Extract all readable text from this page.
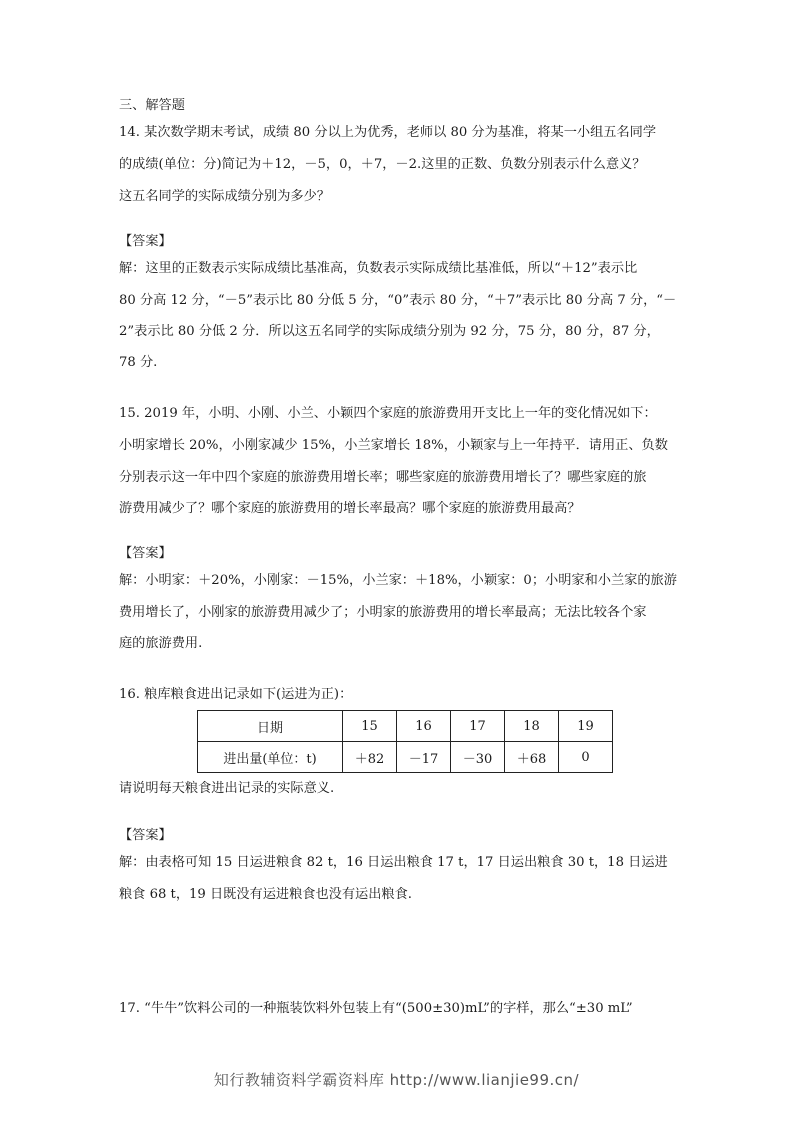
三、解答题
14. 某次数学期末考试，成绩 80 分以上为优秀，老师以 80 分为基准，将某一小组五名同学
的成绩(单位：分)简记为＋12，－5，0，＋7，－2.这里的正数、负数分别表示什么意义？
这五名同学的实际成绩分别为多少？
【答案】
解：这里的正数表示实际成绩比基准高，负数表示实际成绩比基准低，所以“＋12”表示比
80 分高 12 分，“－5”表示比 80 分低 5 分，“0”表示 80 分，“＋7”表示比 80 分高 7 分，“－
2”表示比 80 分低 2 分．所以这五名同学的实际成绩分别为 92 分，75 分，80 分，87 分，
78 分.
15. 2019 年，小明、小刚、小兰、小颖四个家庭的旅游费用开支比上一年的变化情况如下：
小明家增长 20%，小刚家减少 15%，小兰家增长 18%，小颖家与上一年持平．请用正、负数
分别表示这一年中四个家庭的旅游费用增长率；哪些家庭的旅游费用增长了？哪些家庭的旅
游费用减少了？哪个家庭的旅游费用的增长率最高？哪个家庭的旅游费用最高？
【答案】
解：小明家：＋20%，小刚家：－15%，小兰家：＋18%，小颖家：0；小明家和小兰家的旅游
费用增长了，小刚家的旅游费用减少了；小明家的旅游费用的增长率最高；无法比较各个家
庭的旅游费用.
16. 粮库粮食进出记录如下(运进为正)：
日期	15	16	17	18	19
进出量(单位：t)	＋82	－17	－30	＋68	0
请说明每天粮食进出记录的实际意义.
【答案】
解：由表格可知 15 日运进粮食 82 t，16 日运出粮食 17 t，17 日运出粮食 30 t，18 日运进
粮食 68 t，19 日既没有运进粮食也没有运出粮食.
17. “牛牛”饮料公司的一种瓶装饮料外包装上有“(500±30)mL”的字样，那么“±30 mL”
知行教辅资料学霸资料库 http://www.lianjie99.cn/
